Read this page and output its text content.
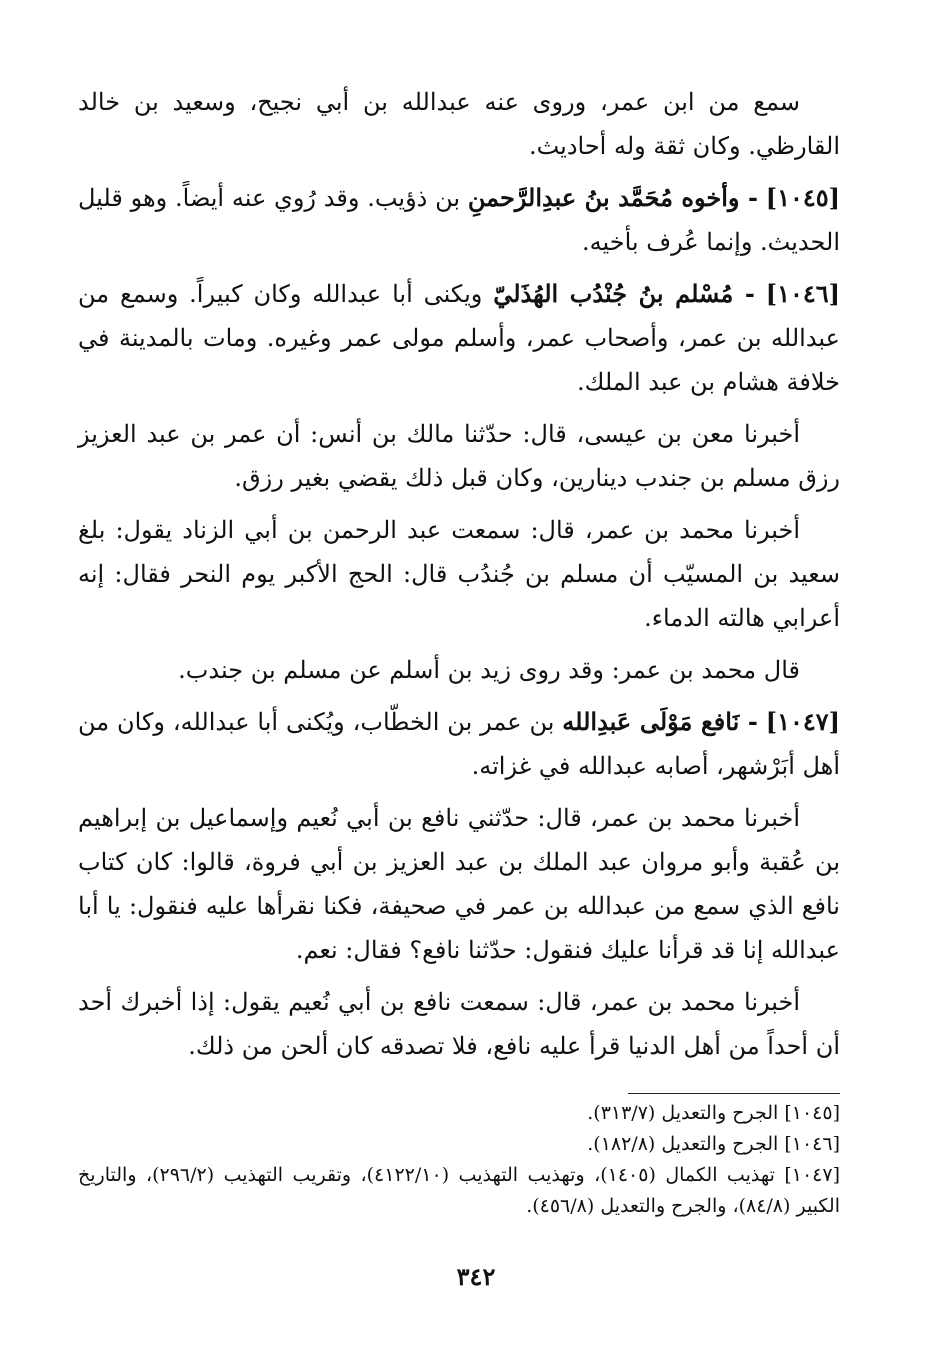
سمع من ابن عمر، وروى عنه عبدالله بن أبي نجيح، وسعيد بن خالد القارظي. وكان ثقة وله أحاديث.

[١٠٤٥] - وأخوه مُحَمَّد بنُ عبدِالرَّحمنِ بن ذؤيب. وقد رُوي عنه أيضاً. وهو قليل الحديث. وإنما عُرف بأخيه.

[١٠٤٦] - مُسْلم بنُ جُنْدُب الهُذَليّ ويكنى أبا عبدالله وكان كبيراً. وسمع من عبدالله بن عمر، وأصحاب عمر، وأسلم مولى عمر وغيره. ومات بالمدينة في خلافة هشام بن عبد الملك.

أخبرنا معن بن عيسى، قال: حدّثنا مالك بن أنس: أن عمر بن عبد العزيز رزق مسلم بن جندب دينارين، وكان قبل ذلك يقضي بغير رزق.

أخبرنا محمد بن عمر، قال: سمعت عبد الرحمن بن أبي الزناد يقول: بلغ سعيد بن المسيّب أن مسلم بن جُندُب قال: الحج الأكبر يوم النحر فقال: إنه أعرابي هالته الدماء.

قال محمد بن عمر: وقد روى زيد بن أسلم عن مسلم بن جندب.

[١٠٤٧] - نَافع مَوْلَى عَبدِالله بن عمر بن الخطّاب، ويُكنى أبا عبدالله، وكان من أهل أبَرْشهر، أصابه عبدالله في غزاته.

أخبرنا محمد بن عمر، قال: حدّثني نافع بن أبي نُعيم وإسماعيل بن إبراهيم بن عُقبة وأبو مروان عبد الملك بن عبد العزيز بن أبي فروة، قالوا: كان كتاب نافع الذي سمع من عبدالله بن عمر في صحيفة، فكنا نقرأها عليه فنقول: يا أبا عبدالله إنا قد قرأنا عليك فنقول: حدّثنا نافع؟ فقال: نعم.

أخبرنا محمد بن عمر، قال: سمعت نافع بن أبي نُعيم يقول: إذا أخبرك أحد أن أحداً من أهل الدنيا قرأ عليه نافع، فلا تصدقه كان ألحن من ذلك.

[١٠٤٥] الجرح والتعديل (٣١٣/٧).

[١٠٤٦] الجرح والتعديل (١٨٢/٨).

[١٠٤٧] تهذيب الكمال (١٤٠٥)، وتهذيب التهذيب (٤١٢٢/١٠)، وتقريب التهذيب (٢٩٦/٢)، والتاريخ الكبير (٨٤/٨)، والجرح والتعديل (٤٥٦/٨).

٣٤٢
